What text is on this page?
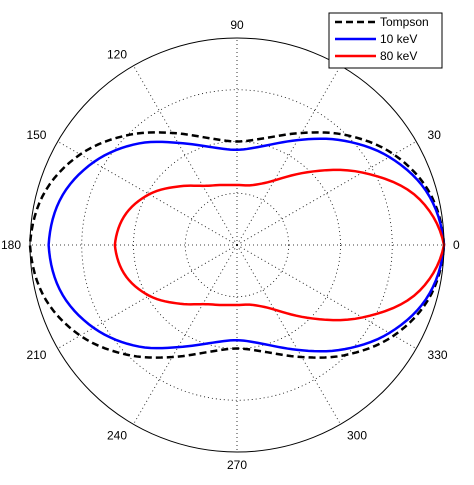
0
30
90
120
150
180
210
240
270
300
330
Tompson
10 keV
80 keV
